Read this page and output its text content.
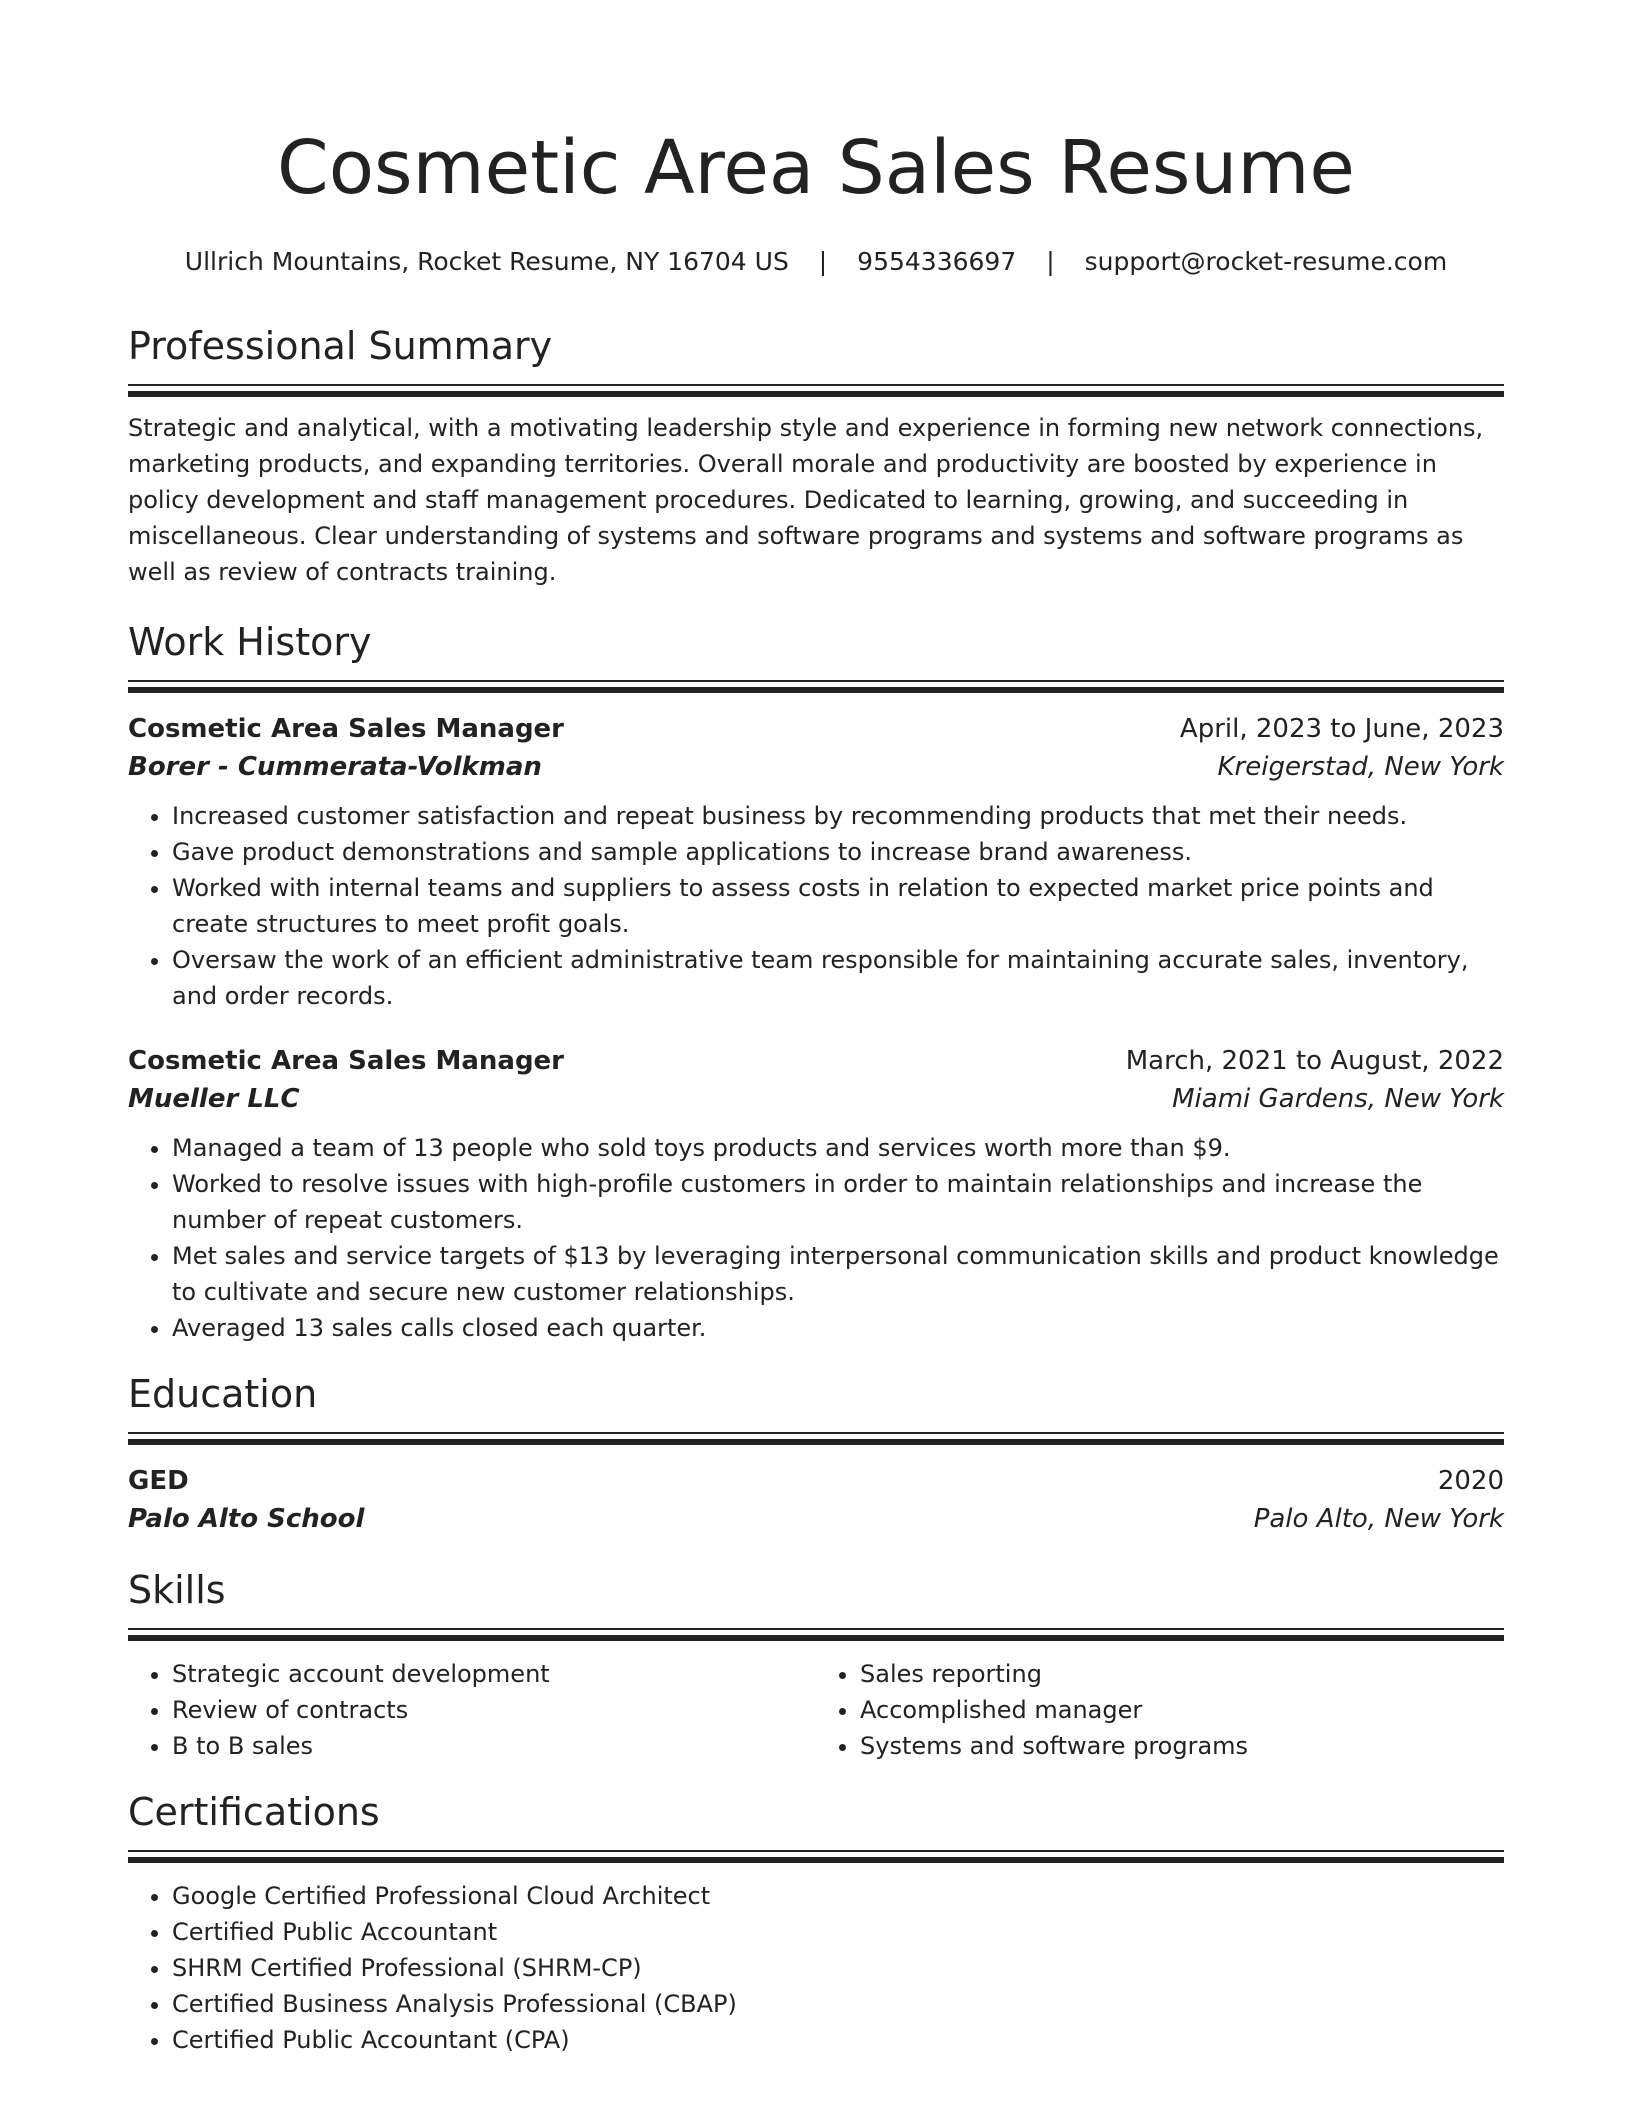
Cosmetic Area Sales Resume
Ullrich Mountains, Rocket Resume, NY 16704 US | 9554336697 | support@rocket-resume.com
Professional Summary
Strategic and analytical, with a motivating leadership style and experience in forming new network connections, marketing products, and expanding territories. Overall morale and productivity are boosted by experience in policy development and staff management procedures. Dedicated to learning, growing, and succeeding in miscellaneous. Clear understanding of systems and software programs and systems and software programs as well as review of contracts training.
Work History
Cosmetic Area Sales Manager	April, 2023 to June, 2023
Borer - Cummerata-Volkman	Kreigerstad, New York
• Increased customer satisfaction and repeat business by recommending products that met their needs.
• Gave product demonstrations and sample applications to increase brand awareness.
• Worked with internal teams and suppliers to assess costs in relation to expected market price points and create structures to meet profit goals.
• Oversaw the work of an efficient administrative team responsible for maintaining accurate sales, inventory, and order records.
Cosmetic Area Sales Manager	March, 2021 to August, 2022
Mueller LLC	Miami Gardens, New York
• Managed a team of 13 people who sold toys products and services worth more than $9.
• Worked to resolve issues with high-profile customers in order to maintain relationships and increase the number of repeat customers.
• Met sales and service targets of $13 by leveraging interpersonal communication skills and product knowledge to cultivate and secure new customer relationships.
• Averaged 13 sales calls closed each quarter.
Education
GED	2020
Palo Alto School	Palo Alto, New York
Skills
• Strategic account development
• Review of contracts
• B to B sales
• Sales reporting
• Accomplished manager
• Systems and software programs
Certifications
• Google Certified Professional Cloud Architect
• Certified Public Accountant
• SHRM Certified Professional (SHRM-CP)
• Certified Business Analysis Professional (CBAP)
• Certified Public Accountant (CPA)
